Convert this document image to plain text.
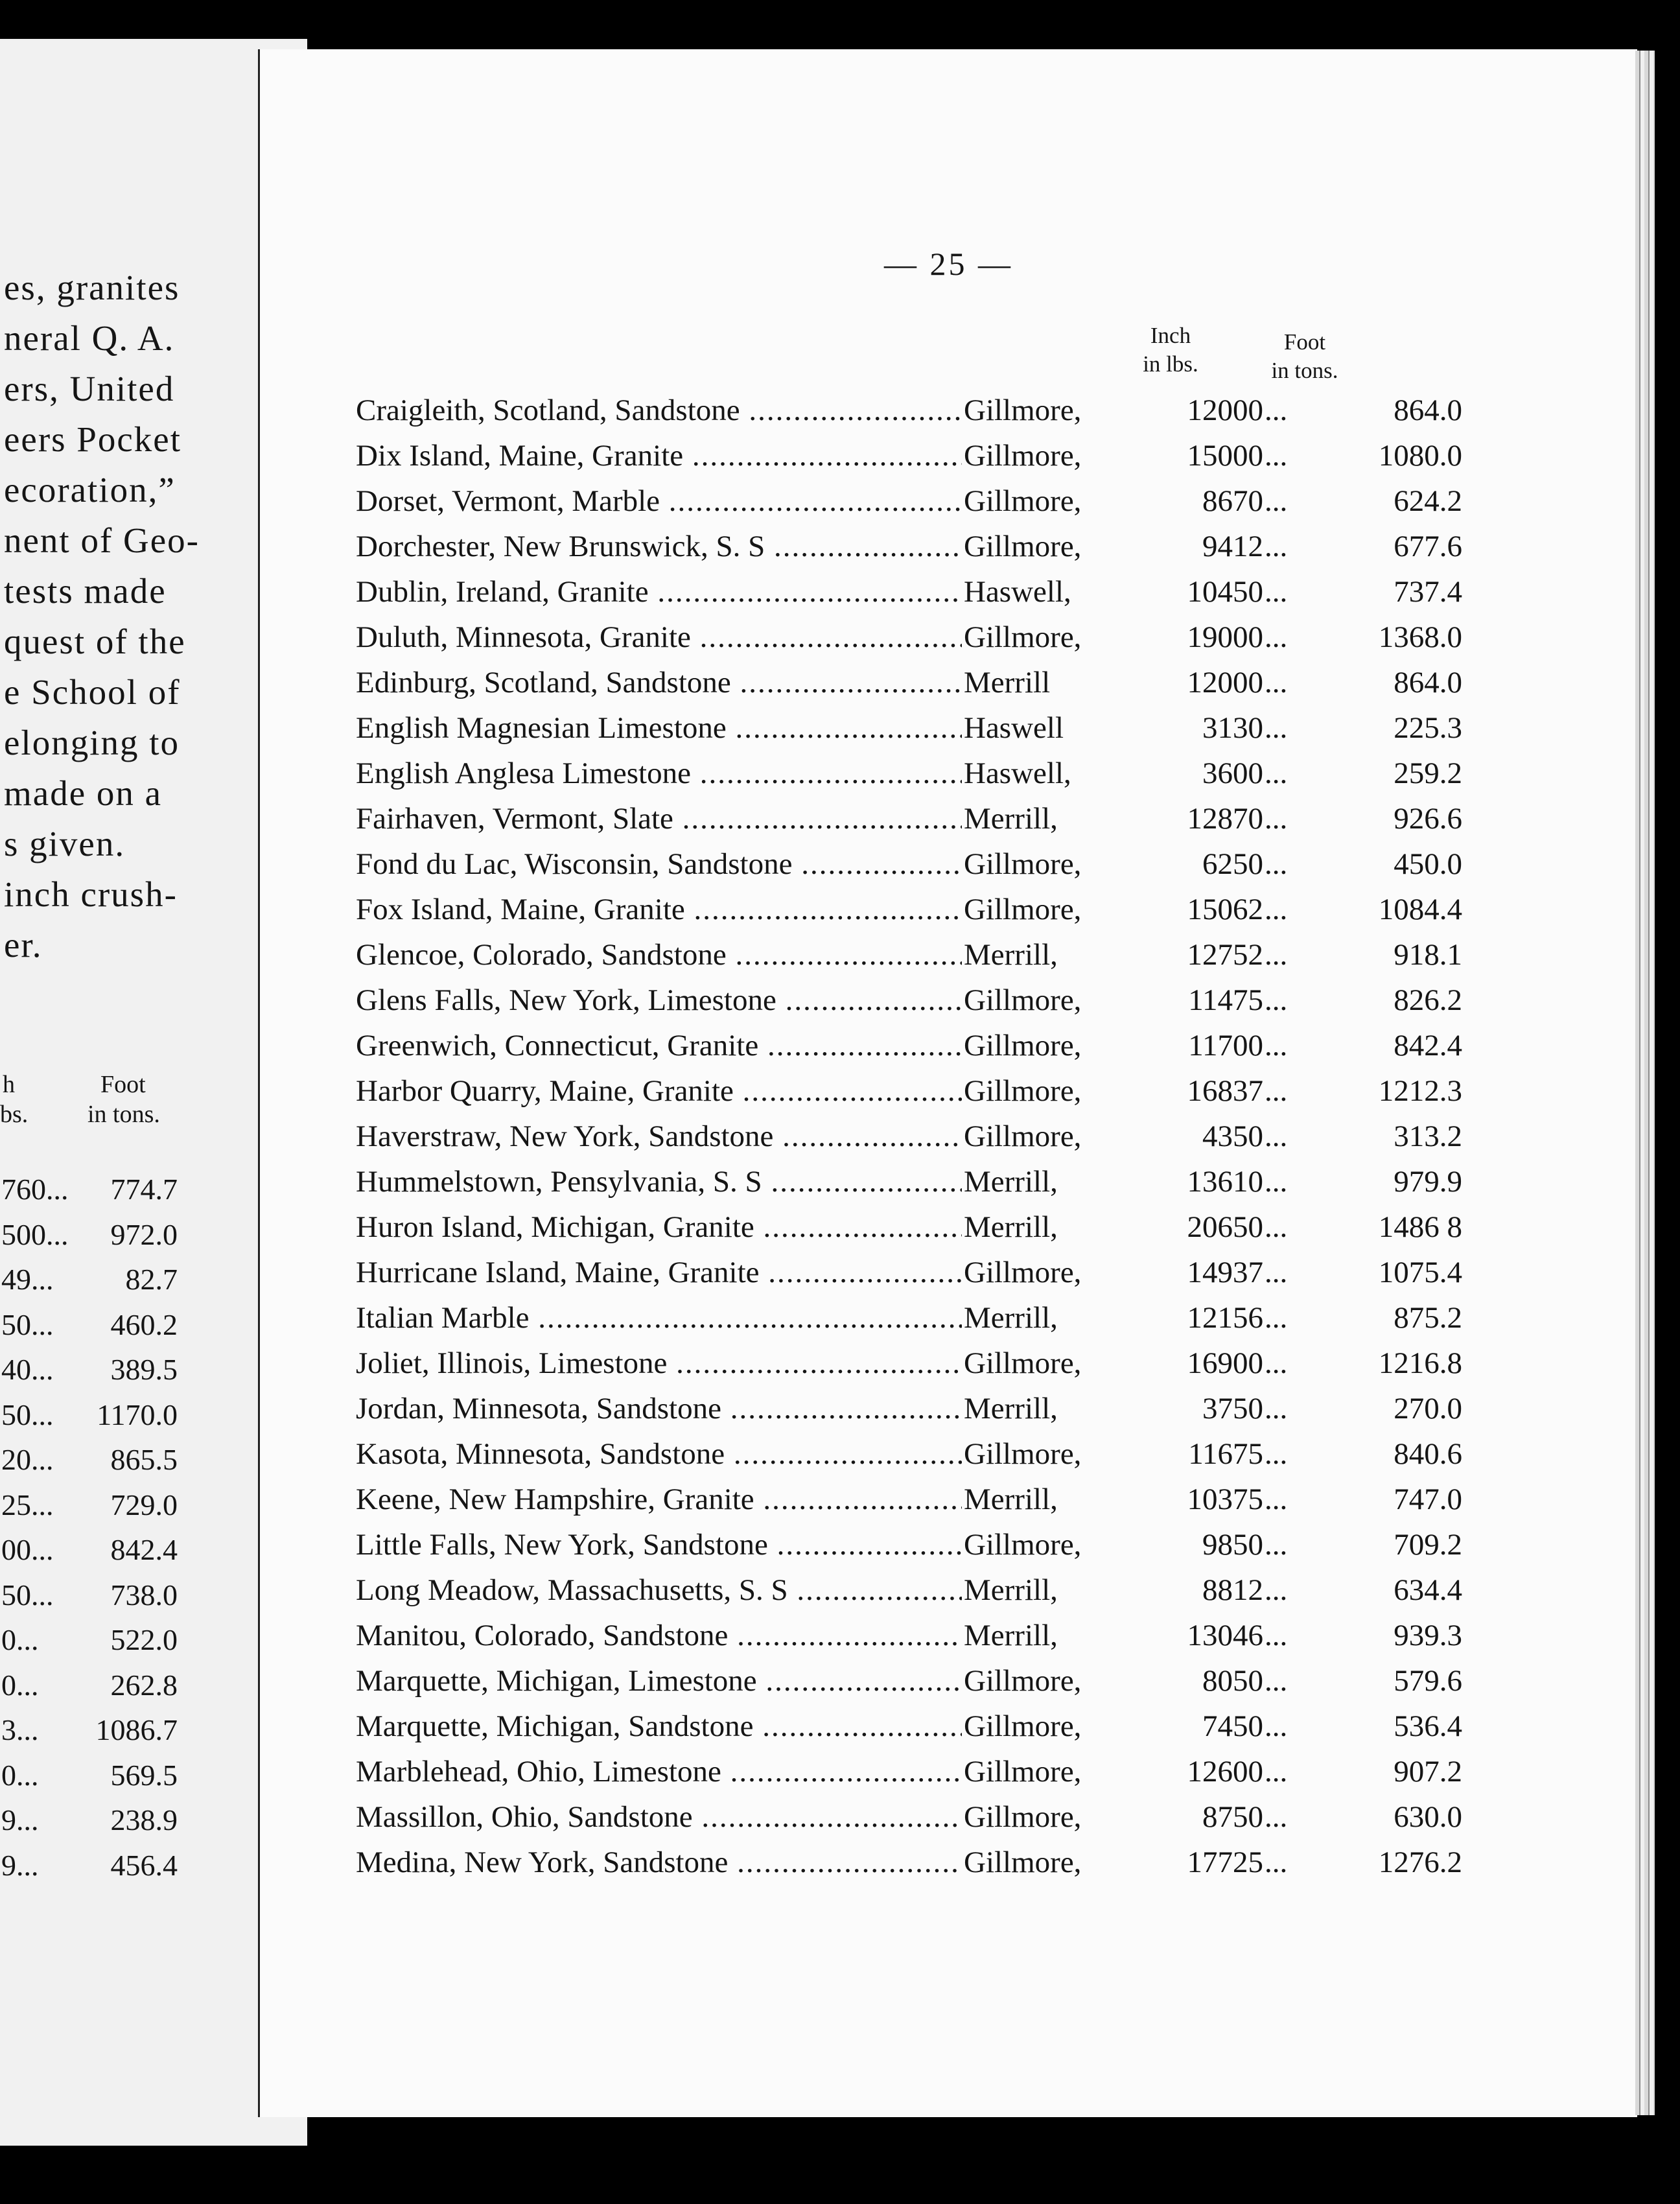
es, granites
neral Q. A.
ers, United
eers Pocket
ecoration,”
nent of Geo-
tests made
quest of the
e School of
elonging to
made on a
s given.
inch crush-
er.
h
bs.
Foot
in tons.
760... 774.7
500... 972.0
49... 82.7
50... 460.2
40... 389.5
50... 1170.0
20... 865.5
25... 729.0
00... 842.4
50... 738.0
0... 522.0
0... 262.8
3... 1086.7
0... 569.5
9... 238.9
9... 456.4
— 25 —
Inch
in lbs.
Foot
in tons.
Craigleith, Scotland, Sandstone .....	Gillmore,	12000 ...	864.0
Dix Island, Maine, Granite .....	Gillmore,	15000 ...	1080.0
Dorset, Vermont, Marble .....	Gillmore,	8670 ...	624.2
Dorchester, New Brunswick, S. S .....	Gillmore,	9412 ...	677.6
Dublin, Ireland, Granite .....	Haswell,	10450 ...	737.4
Duluth, Minnesota, Granite .....	Gillmore,	19000 ...	1368.0
Edinburg, Scotland, Sandstone .....	Merrill	12000 ...	864.0
English Magnesian Limestone .....	Haswell	3130 ...	225.3
English Anglesa Limestone .....	Haswell,	3600 ...	259.2
Fairhaven, Vermont, Slate .....	Merrill,	12870 ...	926.6
Fond du Lac, Wisconsin, Sandstone .....	Gillmore,	6250 ...	450.0
Fox Island, Maine, Granite .....	Gillmore,	15062 ...	1084.4
Glencoe, Colorado, Sandstone .....	Merrill,	12752 ...	918.1
Glens Falls, New York, Limestone .....	Gillmore,	11475 ...	826.2
Greenwich, Connecticut, Granite .....	Gillmore,	11700 ...	842.4
Harbor Quarry, Maine, Granite .....	Gillmore,	16837 ...	1212.3
Haverstraw, New York, Sandstone .....	Gillmore,	4350 ...	313.2
Hummelstown, Pensylvania, S. S .....	Merrill,	13610 ...	979.9
Huron Island, Michigan, Granite .....	Merrill,	20650 ...	1486 8
Hurricane Island, Maine, Granite .....	Gillmore,	14937 ...	1075.4
Italian Marble .....	Merrill,	12156 ...	875.2
Joliet, Illinois, Limestone .....	Gillmore,	16900 ...	1216.8
Jordan, Minnesota, Sandstone .....	Merrill,	3750 ...	270.0
Kasota, Minnesota, Sandstone .....	Gillmore,	11675 ...	840.6
Keene, New Hampshire, Granite .....	Merrill,	10375 ...	747.0
Little Falls, New York, Sandstone .....	Gillmore,	9850 ...	709.2
Long Meadow, Massachusetts, S. S .....	Merrill,	8812 ...	634.4
Manitou, Colorado, Sandstone .....	Merrill,	13046 ...	939.3
Marquette, Michigan, Limestone .....	Gillmore,	8050 ...	579.6
Marquette, Michigan, Sandstone .....	Gillmore,	7450 ...	536.4
Marblehead, Ohio, Limestone .....	Gillmore,	12600 ...	907.2
Massillon, Ohio, Sandstone .....	Gillmore,	8750 ...	630.0
Medina, New York, Sandstone .....	Gillmore,	17725 ...	1276.2
